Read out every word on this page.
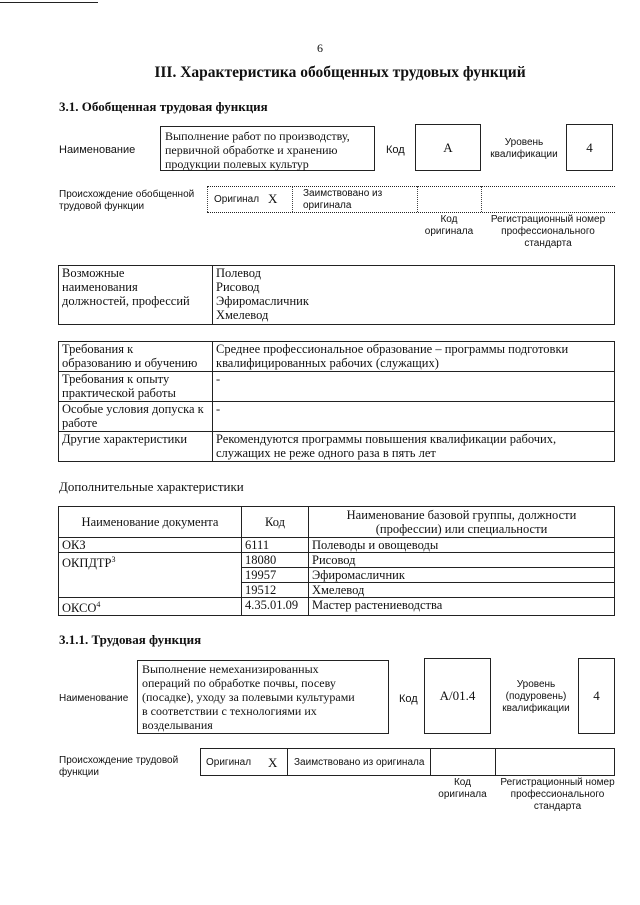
6
III. Характеристика обобщенных трудовых функций
3.1. Обобщенная трудовая функция
Наименование
Выполнение работ по производству,
первичной обработке и хранению
продукции полевых культур
Код	А	Уровень
квалификации	4
Происхождение обобщенной
трудовой функции
Оригинал Х	Заимствовано из
оригинала
Код
оригинала
Регистрационный номер
профессионального
стандарта
Возможные
наименования
должностей, профессий	Полевод
Рисовод
Эфиромасличник
Хмелевод
Требования к
образованию и обучению	Среднее профессиональное образование – программы подготовки
квалифицированных рабочих (служащих)
Требования к опыту
практической работы	-
Особые условия допуска к
работе	-
Другие характеристики	Рекомендуются программы повышения квалификации рабочих,
служащих не реже одного раза в пять лет
Дополнительные характеристики
Наименование документа	Код	Наименование базовой группы, должности
(профессии) или специальности
ОКЗ	6111	Полеводы и овощеводы
ОКПДТР$^3$	18080	Рисовод
	19957	Эфиромасличник
	19512	Хмелевод
ОКСО$^4$	4.35.01.09	Мастер растениеводства
3.1.1. Трудовая функция
Наименование
Выполнение немеханизированных
операций по обработке почвы, посеву
(посадке), уходу за полевыми культурами
в соответствии с технологиями их
возделывания
Код	A/01.4
Уровень
(подуровень)
квалификации
4
Происхождение трудовой
функции
Оригинал Х Заимствовано из оригинала
Код
оригинала
Регистрационный номер
профессионального
стандарта
